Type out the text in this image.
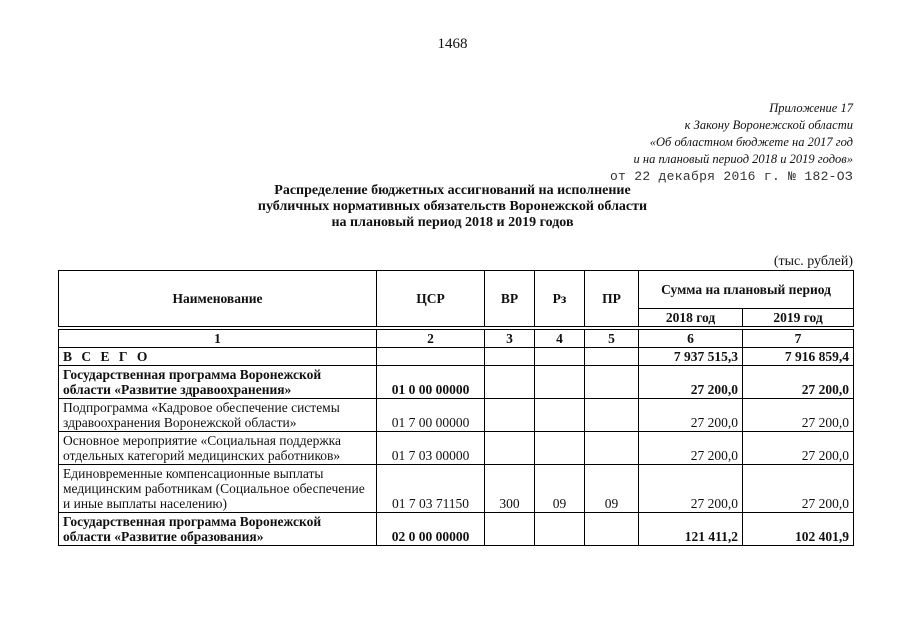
1468
Приложение 17
к Закону Воронежской области
«Об областном бюджете на 2017 год
и на плановый период 2018 и 2019 годов»
от 22 декабря 2016 г. № 182-ОЗ
Распределение бюджетных ассигнований на исполнение
публичных нормативных обязательств Воронежской области
на плановый период 2018 и 2019 годов
(тыс. рублей)
Наименование	ЦСР	ВР	Рз	ПР	Сумма на плановый период	
					2018 год	2019 год
1	2	3	4	5	6	7
В С Е Г О					7 937 515,3	7 916 859,4
Государственная программа Воронежской области «Развитие здравоохранения»	01 0 00 00000				27 200,0	27 200,0
Подпрограмма «Кадровое обеспечение системы здравоохранения Воронежской области»	01 7 00 00000				27 200,0	27 200,0
Основное мероприятие «Социальная поддержка отдельных категорий медицинских работников»	01 7 03 00000				27 200,0	27 200,0
Единовременные компенсационные выплаты медицинским работникам (Социальное обеспечение и иные выплаты населению)	01 7 03 71150	300	09	09	27 200,0	27 200,0
Государственная программа Воронежской области «Развитие образования»	02 0 00 00000				121 411,2	102 401,9
